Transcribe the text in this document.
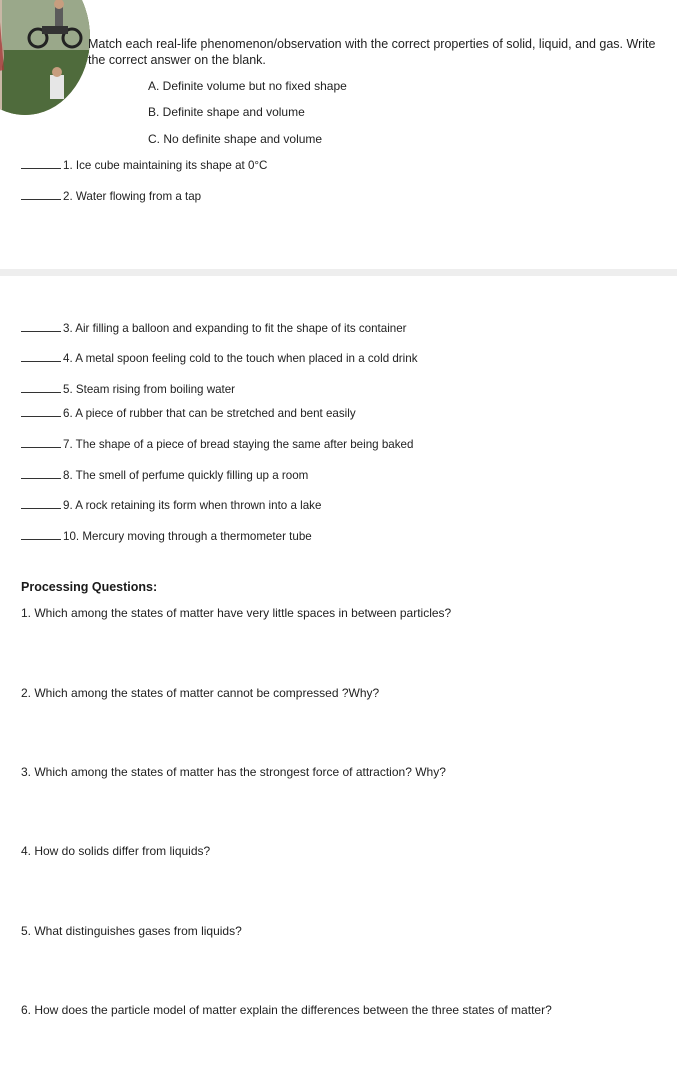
Match each real-life phenomenon/observation with the correct properties of solid, liquid, and gas. Write
the correct answer on the blank.
A. Definite volume but no fixed shape
B. Definite shape and volume
C. No definite shape and volume
1. Ice cube maintaining its shape at 0°C
2. Water flowing from a tap
3. Air filling a balloon and expanding to fit the shape of its container
4. A metal spoon feeling cold to the touch when placed in a cold drink
5. Steam rising from boiling water
6. A piece of rubber that can be stretched and bent easily
7. The shape of a piece of bread staying the same after being baked
8. The smell of perfume quickly filling up a room
9. A rock retaining its form when thrown into a lake
10. Mercury moving through a thermometer tube
Processing Questions:
1. Which among the states of matter have very little spaces in between particles?
2. Which among the states of matter cannot be compressed ?Why?
3. Which among the states of matter has the strongest force of attraction? Why?
4. How do solids differ from liquids?
5. What distinguishes gases from liquids?
6. How does the particle model of matter explain the differences between the three states of matter?
